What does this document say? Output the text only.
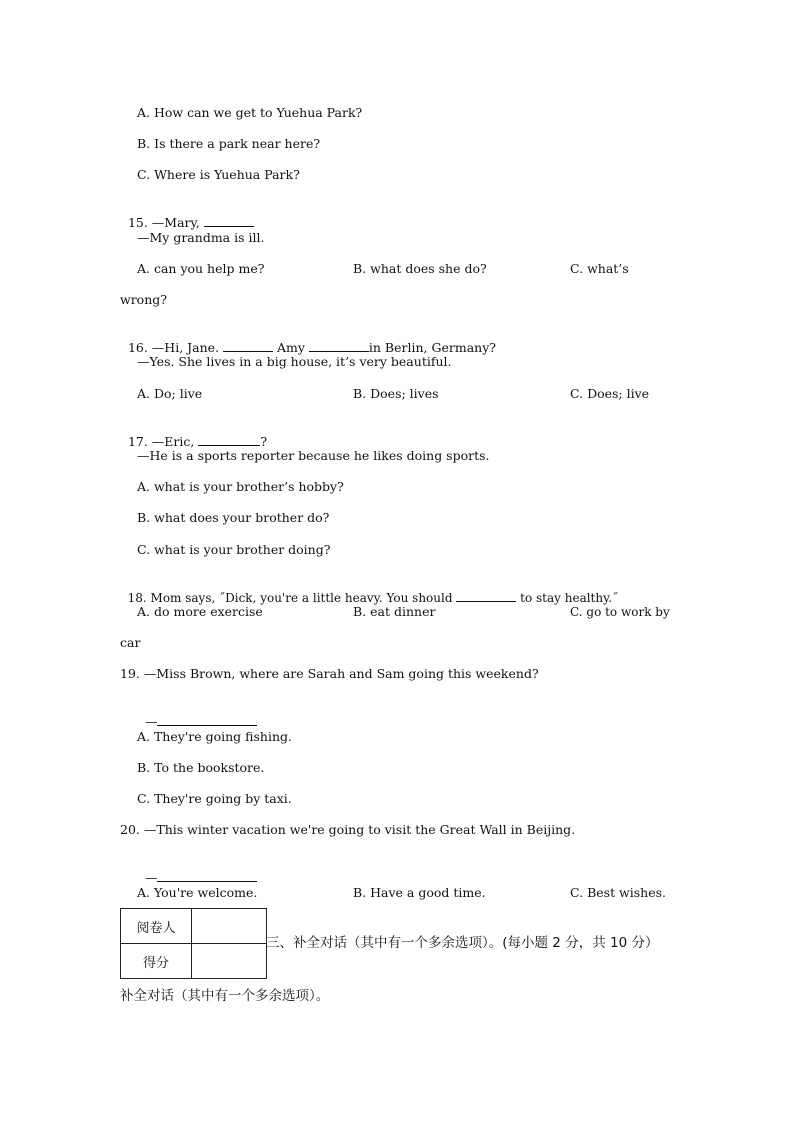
A. How can we get to Yuehua Park?
B. Is there a park near here?
C. Where is Yuehua Park?

15. —Mary,

—My grandma is ill.
A. can you help me?	B. what does she do?	C. what’s
wrong?

16. —Hi, Jane.	Amy	in Berlin, Germany?

—Yes. She lives in a big house, it’s very beautiful.
A. Do; live	B. Does; lives	C. Does; live

17. —Eric,	?

—He is a sports reporter because he likes doing sports.
A. what is your brother’s hobby?
B. what does your brother do?
C. what is your brother doing?

18. Mom says, ˝Dick, you're a little heavy. You should	to stay healthy.˝

A. do more exercise	B. eat dinner	C. go to work by
car
19. —Miss Brown, where are Sarah and Sam going this weekend?

—

A. They're going fishing.
B. To the bookstore.
C. They're going by taxi.
20. —This winter vacation we're going to visit the Great Wall in Beijing.

—

A. You're welcome.	B. Have a good time.	C. Best wishes.
阅卷人	
得分	
三、补全对话（其中有一个多余选项）。(每小题 2 分，共 10 分）
补全对话（其中有一个多余选项）。
